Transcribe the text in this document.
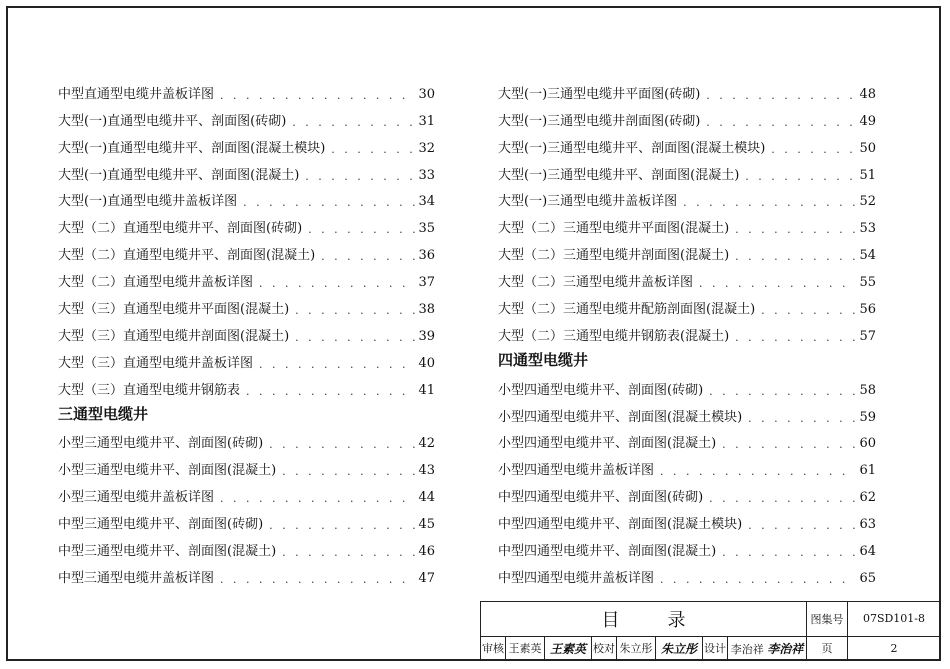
中型直通型电缆井盖板详图 . . .	30
大型(一)直通型电缆井平、剖面图(砖砌) . . .	31
大型(一)直通型电缆井平、剖面图(混凝土模块) . . .	32
大型(一)直通型电缆井平、剖面图(混凝土) . . .	33
大型(一)直通型电缆井盖板详图 . . .	34
大型（二）直通型电缆井平、剖面图(砖砌) . . .	35
大型（二）直通型电缆井平、剖面图(混凝土) . . .	36
大型（二）直通型电缆井盖板详图 . . .	37
大型（三）直通型电缆井平面图(混凝土) . . .	38
大型（三）直通型电缆井剖面图(混凝土) . . .	39
大型（三）直通型电缆井盖板详图 . . .	40
大型（三）直通型电缆井钢筋表 . . .	41
三通型电缆井
小型三通型电缆井平、剖面图(砖砌) . . .	42
小型三通型电缆井平、剖面图(混凝土) . . .	43
小型三通型电缆井盖板详图 . . .	44
中型三通型电缆井平、剖面图(砖砌) . . .	45
中型三通型电缆井平、剖面图(混凝土) . . .	46
中型三通型电缆井盖板详图 . . .	47
大型(一)三通型电缆井平面图(砖砌) . . .	48
大型(一)三通型电缆井剖面图(砖砌) . . .	49
大型(一)三通型电缆井平、剖面图(混凝土模块) . . .	50
大型(一)三通型电缆井平、剖面图(混凝土) . . .	51
大型(一)三通型电缆井盖板详图 . . .	52
大型（二）三通型电缆井平面图(混凝土) . . .	53
大型（二）三通型电缆井剖面图(混凝土) . . .	54
大型（二）三通型电缆井盖板详图 . . .	55
大型（二）三通型电缆井配筋剖面图(混凝土) . . .	56
大型（二）三通型电缆井钢筋表(混凝土) . . .	57
四通型电缆井
小型四通型电缆井平、剖面图(砖砌) . . .	58
小型四通型电缆井平、剖面图(混凝土模块) . . .	59
小型四通型电缆井平、剖面图(混凝土) . . .	60
小型四通型电缆井盖板详图 . . .	61
中型四通型电缆井平、剖面图(砖砌) . . .	62
中型四通型电缆井平、剖面图(混凝土模块) . . .	63
中型四通型电缆井平、剖面图(混凝土) . . .	64
中型四通型电缆井盖板详图 . . .	65
目录								图集号	07SD101-8
审核	王素英	王素英	校对	朱立彤	朱立彤	设计	李治祥 李治祥	页	2
